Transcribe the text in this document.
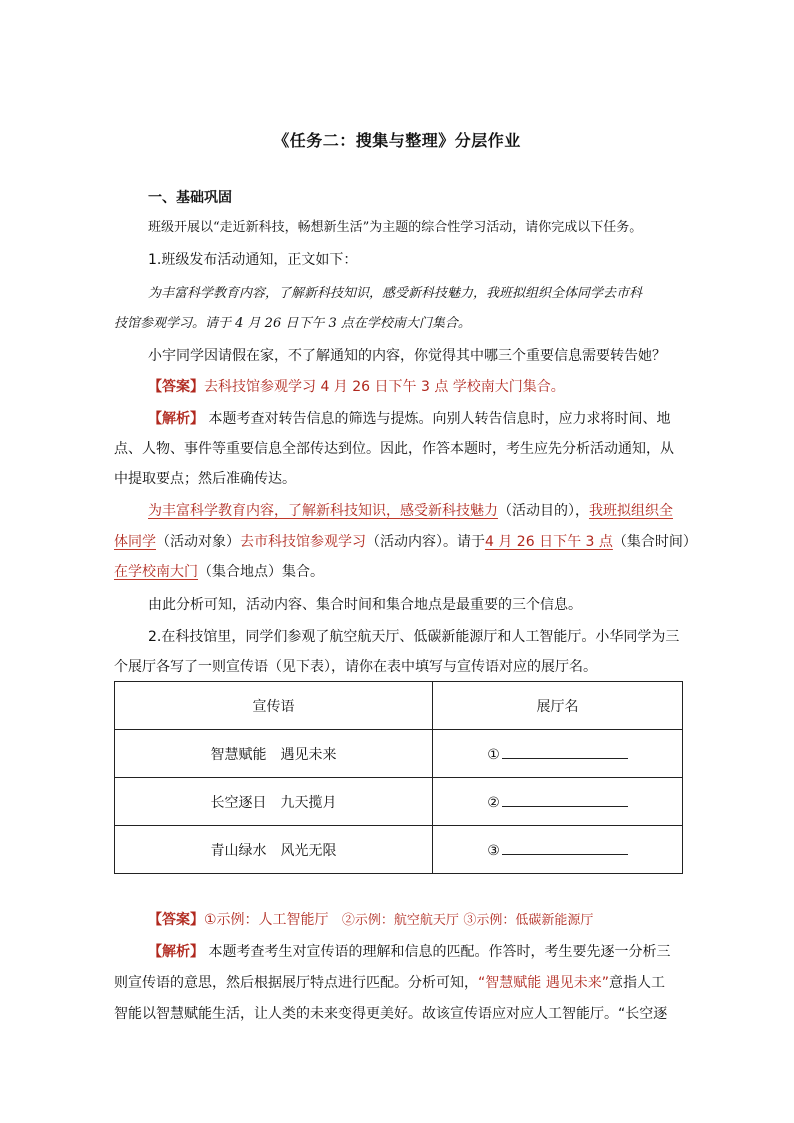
《任务二：搜集与整理》分层作业
一、基础巩固
班级开展以“走近新科技，畅想新生活”为主题的综合性学习活动，请你完成以下任务。
1.班级发布活动通知，正文如下：
为丰富科学教育内容，了解新科技知识，感受新科技魅力，我班拟组织全体同学去市科
技馆参观学习。请于 4 月 26 日下午 3 点在学校南大门集合。
小宇同学因请假在家，不了解通知的内容，你觉得其中哪三个重要信息需要转告她？
【答案】去科技馆参观学习 4 月 26 日下午 3 点 学校南大门集合。
【解析】 本题考查对转告信息的筛选与提炼。向别人转告信息时，应力求将时间、地
点、人物、事件等重要信息全部传达到位。因此，作答本题时，考生应先分析活动通知，从
中提取要点；然后准确传达。
为丰富科学教育内容，了解新科技知识，感受新科技魅力（活动目的），我班拟组织全
体同学（活动对象）去市科技馆参观学习（活动内容）。请于4 月 26 日下午 3 点（集合时间）
在学校南大门（集合地点）集合。
由此分析可知，活动内容、集合时间和集合地点是最重要的三个信息。
2.在科技馆里，同学们参观了航空航天厅、低碳新能源厅和人工智能厅。小华同学为三
个展厅各写了一则宣传语（见下表），请你在表中填写与宣传语对应的展厅名。
宣传语	展厅名
智慧赋能　遇见未来	①
长空逐日　九天揽月	②
青山绿水　风光无限	③
【答案】①示例：人工智能厅 ②示例：航空航天厅 ③示例：低碳新能源厅
【解析】 本题考查考生对宣传语的理解和信息的匹配。作答时，考生要先逐一分析三
则宣传语的意思，然后根据展厅特点进行匹配。分析可知，“智慧赋能 遇见未来”意指人工
智能以智慧赋能生活，让人类的未来变得更美好。故该宣传语应对应人工智能厅。“长空逐
